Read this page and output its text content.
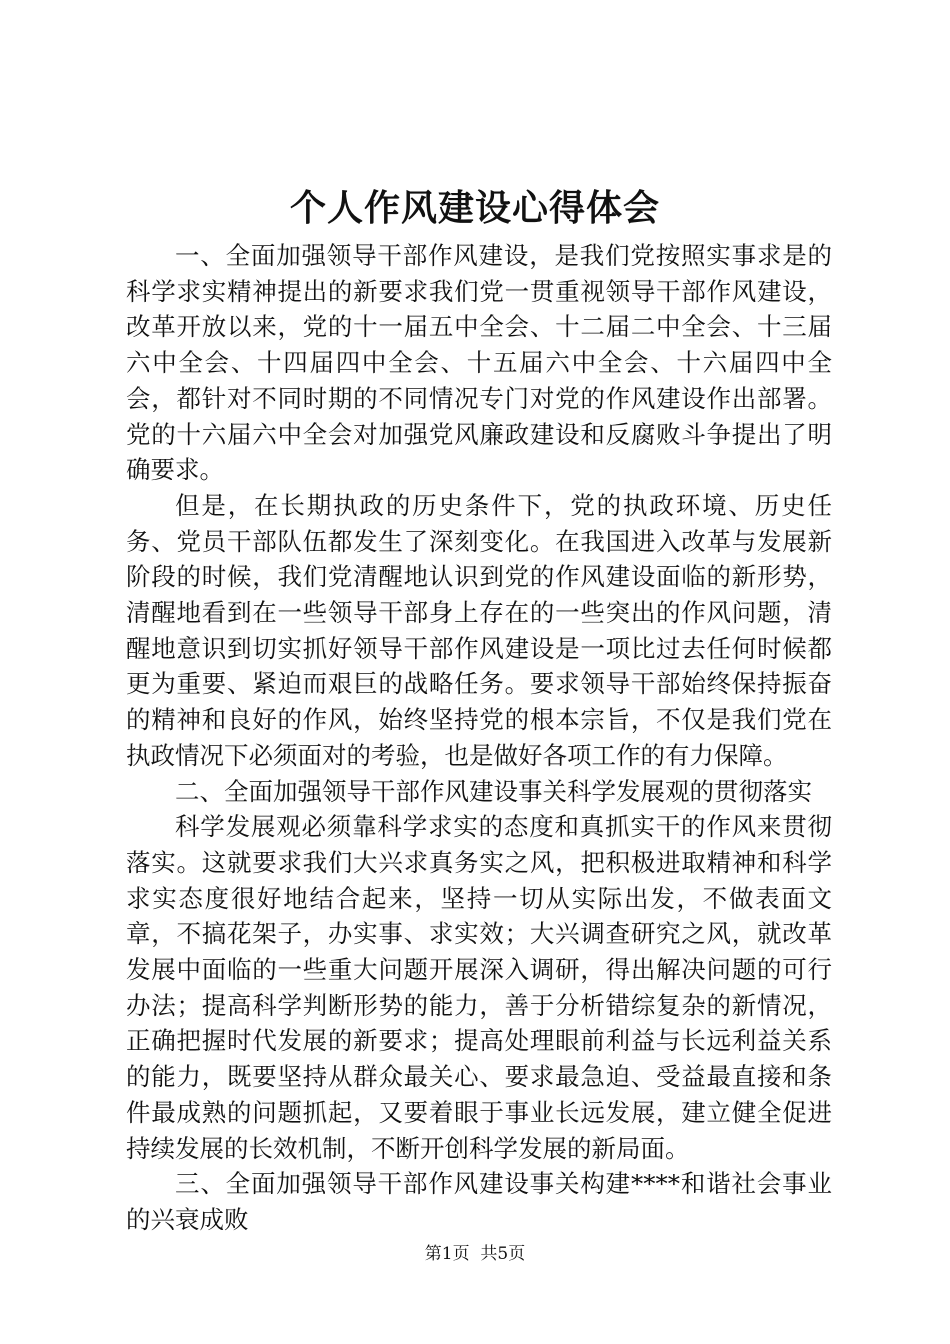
个人作风建设心得体会

一、全面加强领导干部作风建设，是我们党按照实事求是的科学求实精神提出的新要求我们党一贯重视领导干部作风建设，改革开放以来，党的十一届五中全会、十二届二中全会、十三届六中全会、十四届四中全会、十五届六中全会、十六届四中全会，都针对不同时期的不同情况专门对党的作风建设作出部署。党的十六届六中全会对加强党风廉政建设和反腐败斗争提出了明确要求。

但是，在长期执政的历史条件下，党的执政环境、历史任务、党员干部队伍都发生了深刻变化。在我国进入改革与发展新阶段的时候，我们党清醒地认识到党的作风建设面临的新形势，清醒地看到在一些领导干部身上存在的一些突出的作风问题，清醒地意识到切实抓好领导干部作风建设是一项比过去任何时候都更为重要、紧迫而艰巨的战略任务。要求领导干部始终保持振奋的精神和良好的作风，始终坚持党的根本宗旨，不仅是我们党在执政情况下必须面对的考验，也是做好各项工作的有力保障。

二、全面加强领导干部作风建设事关科学发展观的贯彻落实

科学发展观必须靠科学求实的态度和真抓实干的作风来贯彻落实。这就要求我们大兴求真务实之风，把积极进取精神和科学求实态度很好地结合起来，坚持一切从实际出发，不做表面文章，不搞花架子，办实事、求实效；大兴调查研究之风，就改革发展中面临的一些重大问题开展深入调研，得出解决问题的可行办法；提高科学判断形势的能力，善于分析错综复杂的新情况，正确把握时代发展的新要求；提高处理眼前利益与长远利益关系的能力，既要坚持从群众最关心、要求最急迫、受益最直接和条件最成熟的问题抓起，又要着眼于事业长远发展，建立健全促进持续发展的长效机制，不断开创科学发展的新局面。

三、全面加强领导干部作风建设事关构建****和谐社会事业的兴衰成败

第1页  共5页
